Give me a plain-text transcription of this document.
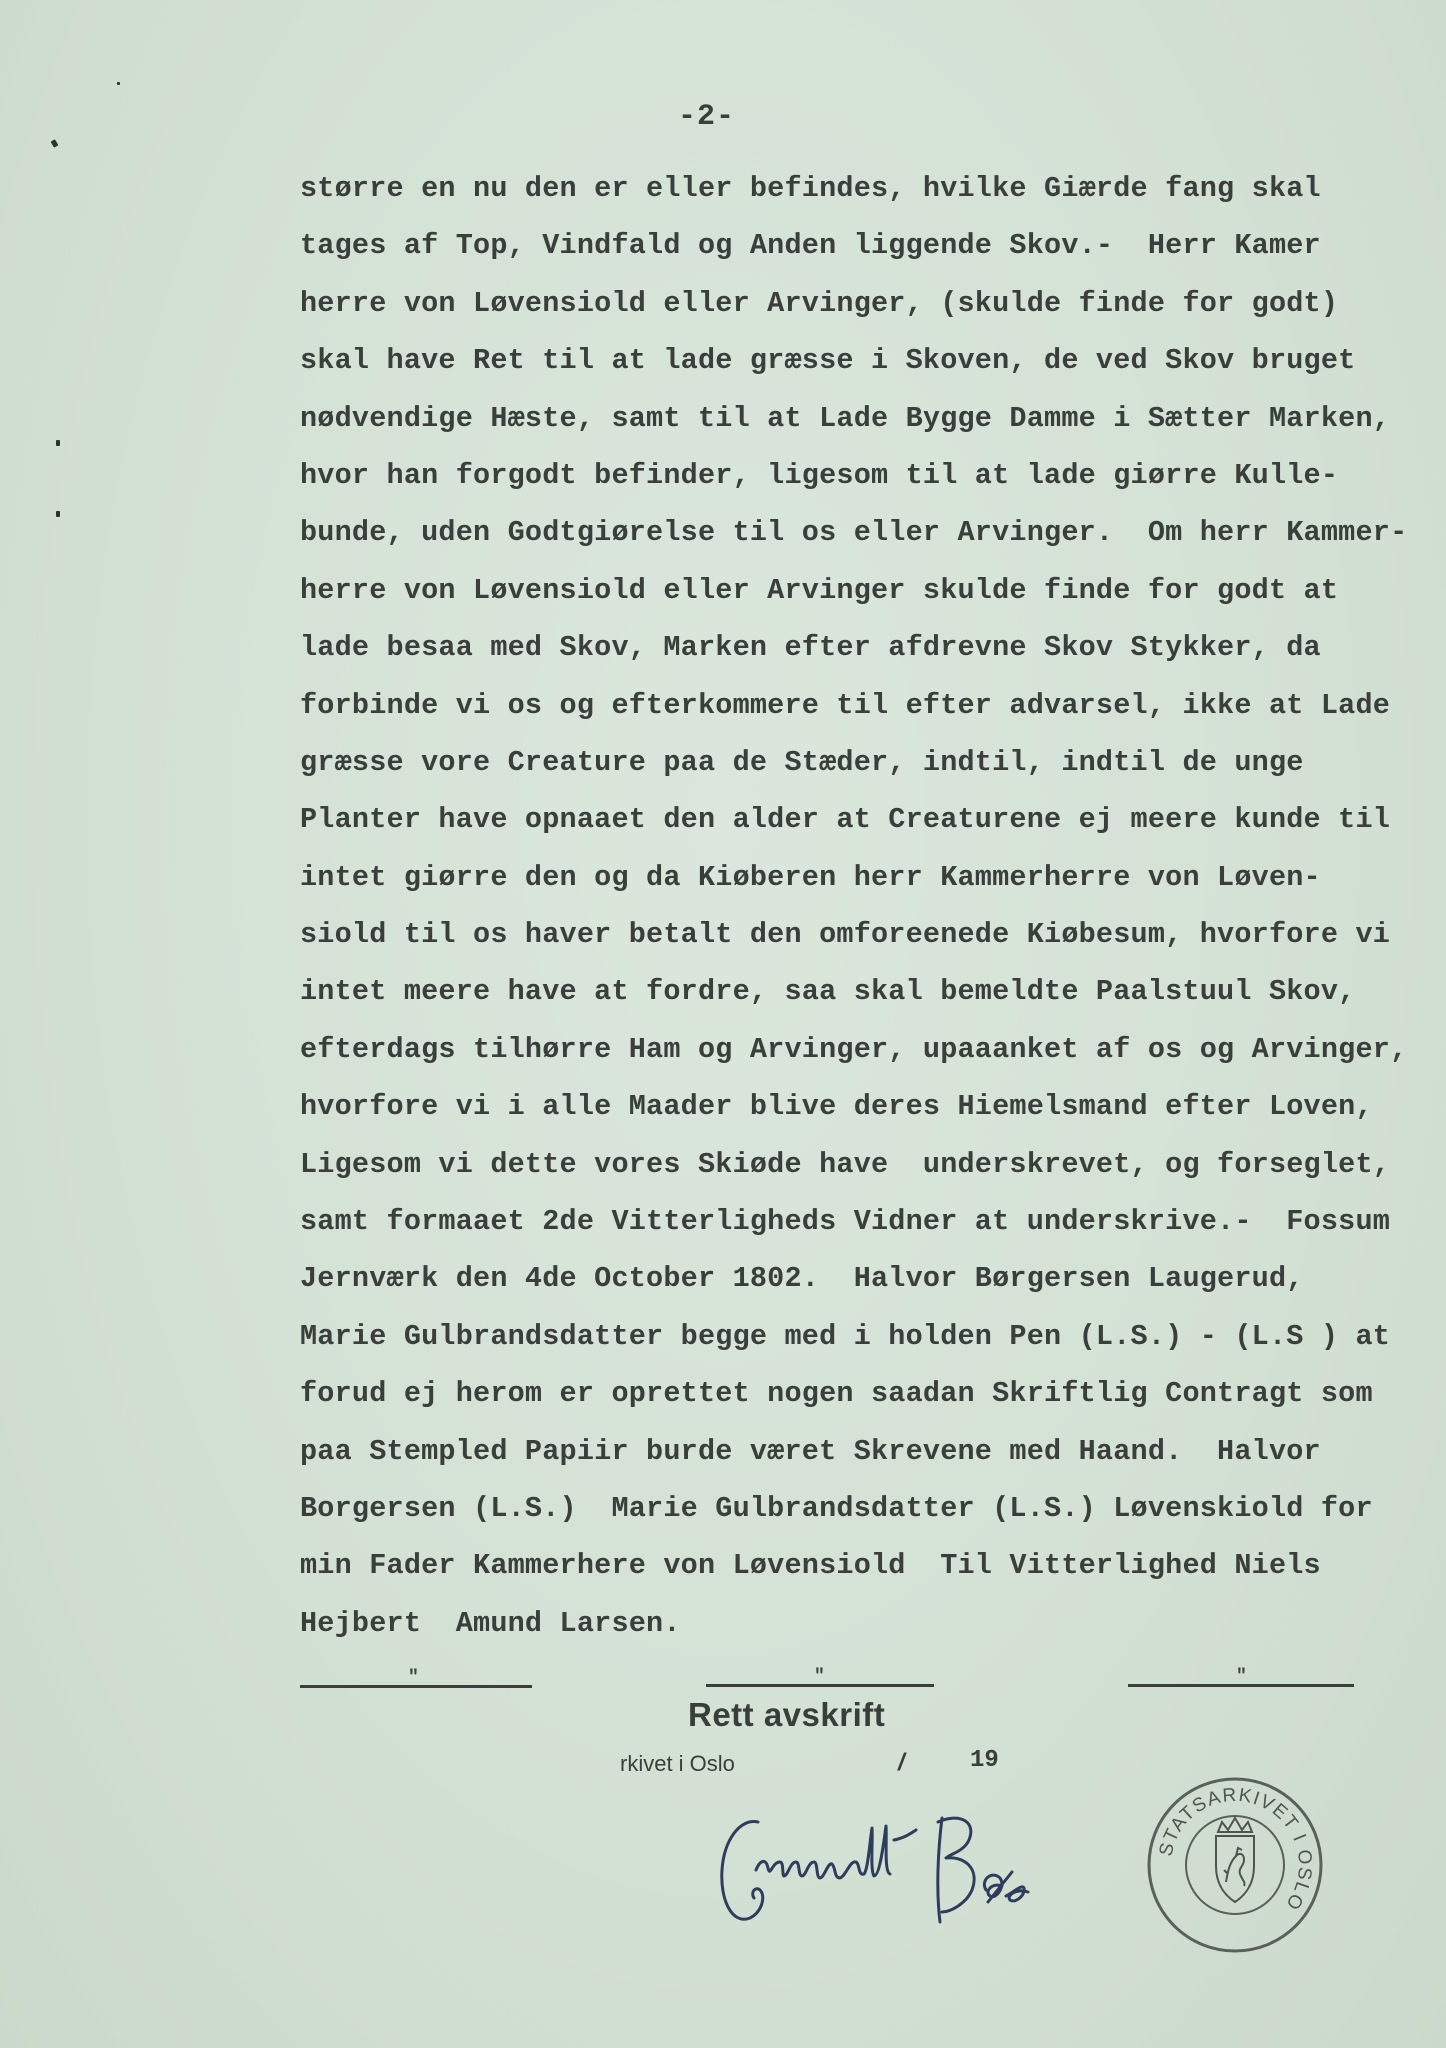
-2-
større en nu den er eller befindes, hvilke Giærde fang skal
tages af Top, Vindfald og Anden liggende Skov.-  Herr Kamer
herre von Løvensiold eller Arvinger, (skulde finde for godt)
skal have Ret til at lade græsse i Skoven, de ved Skov bruget
nødvendige Hæste, samt til at Lade Bygge Damme i Sætter Marken,
hvor han forgodt befinder, ligesom til at lade giørre Kulle-
bunde, uden Godtgiørelse til os eller Arvinger.  Om herr Kammer-
herre von Løvensiold eller Arvinger skulde finde for godt at
lade besaa med Skov, Marken efter afdrevne Skov Stykker, da
forbinde vi os og efterkommere til efter advarsel, ikke at Lade
græsse vore Creature paa de Stæder, indtil, indtil de unge
Planter have opnaaet den alder at Creaturene ej meere kunde til
intet giørre den og da Kiøberen herr Kammerherre von Løven-
siold til os haver betalt den omforeenede Kiøbesum, hvorfore vi
intet meere have at fordre, saa skal bemeldte Paalstuul Skov,
efterdags tilhørre Ham og Arvinger, upaaanket af os og Arvinger,
hvorfore vi i alle Maader blive deres Hiemelsmand efter Loven,
Ligesom vi dette vores Skiøde have  underskrevet, og forseglet,
samt formaaet 2de Vitterligheds Vidner at underskrive.-  Fossum
Jernværk den 4de October 1802.  Halvor Børgersen Laugerud,
Marie Gulbrandsdatter begge med i holden Pen (L.S.) - (L.S ) at
forud ej herom er oprettet nogen saadan Skriftlig Contragt som
paa Stempled Papiir burde været Skrevene med Haand.  Halvor
Borgersen (L.S.)  Marie Gulbrandsdatter (L.S.) Løvenskiold for
min Fader Kammerhere von Løvensiold  Til Vitterlighed Niels
Hejbert  Amund Larsen.
"	"	"
Rett avskrift
rkivet i Oslo	/	19
STATSARKIVET I OSLO
